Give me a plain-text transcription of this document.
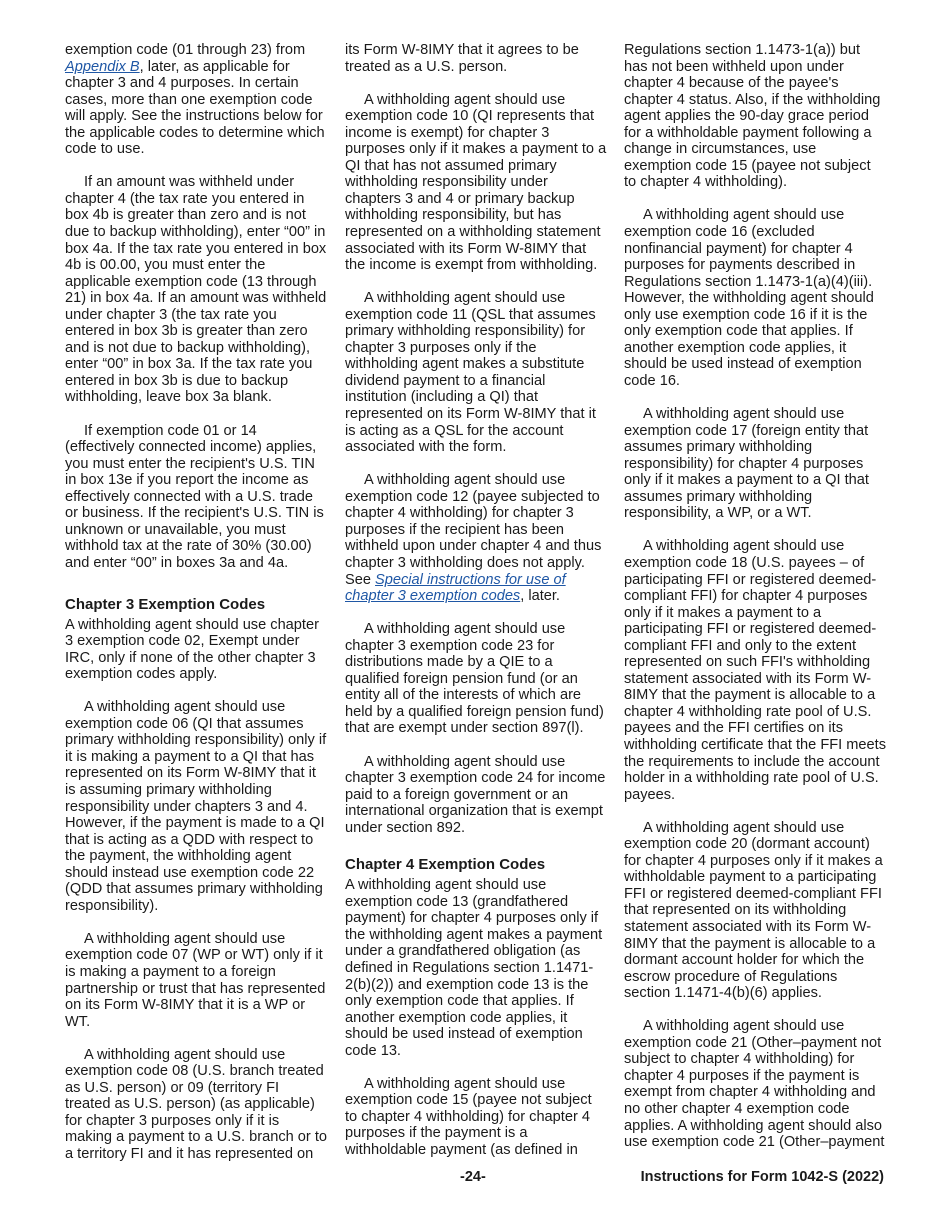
exemption code (01 through 23) from Appendix B, later, as applicable for chapter 3 and 4 purposes. In certain cases, more than one exemption code will apply. See the instructions below for the applicable codes to determine which code to use.

If an amount was withheld under chapter 4 (the tax rate you entered in box 4b is greater than zero and is not due to backup withholding), enter “00” in box 4a. If the tax rate you entered in box 4b is 00.00, you must enter the applicable exemption code (13 through 21) in box 4a. If an amount was withheld under chapter 3 (the tax rate you entered in box 3b is greater than zero and is not due to backup withholding), enter “00” in box 3a. If the tax rate you entered in box 3b is due to backup withholding, leave box 3a blank.

If exemption code 01 or 14 (effectively connected income) applies, you must enter the recipient's U.S. TIN in box 13e if you report the income as effectively connected with a U.S. trade or business. If the recipient's U.S. TIN is unknown or unavailable, you must withhold tax at the rate of 30% (30.00) and enter “00” in boxes 3a and 4a.

Chapter 3 Exemption Codes

A withholding agent should use chapter 3 exemption code 02, Exempt under IRC, only if none of the other chapter 3 exemption codes apply.

A withholding agent should use exemption code 06 (QI that assumes primary withholding responsibility) only if it is making a payment to a QI that has represented on its Form W-8IMY that it is assuming primary withholding responsibility under chapters 3 and 4. However, if the payment is made to a QI that is acting as a QDD with respect to the payment, the withholding agent should instead use exemption code 22 (QDD that assumes primary withholding responsibility).

A withholding agent should use exemption code 07 (WP or WT) only if it is making a payment to a foreign partnership or trust that has represented on its Form W-8IMY that it is a WP or WT.

A withholding agent should use exemption code 08 (U.S. branch treated as U.S. person) or 09 (territory FI treated as U.S. person) (as applicable) for chapter 3 purposes only if it is making a payment to a U.S. branch or to a territory FI and it has represented on

its Form W-8IMY that it agrees to be treated as a U.S. person.

A withholding agent should use exemption code 10 (QI represents that income is exempt) for chapter 3 purposes only if it makes a payment to a QI that has not assumed primary withholding responsibility under chapters 3 and 4 or primary backup withholding responsibility, but has represented on a withholding statement associated with its Form W-8IMY that the income is exempt from withholding.

A withholding agent should use exemption code 11 (QSL that assumes primary withholding responsibility) for chapter 3 purposes only if the withholding agent makes a substitute dividend payment to a financial institution (including a QI) that represented on its Form W-8IMY that it is acting as a QSL for the account associated with the form.

A withholding agent should use exemption code 12 (payee subjected to chapter 4 withholding) for chapter 3 purposes if the recipient has been withheld upon under chapter 4 and thus chapter 3 withholding does not apply. See Special instructions for use of chapter 3 exemption codes, later.

A withholding agent should use chapter 3 exemption code 23 for distributions made by a QIE to a qualified foreign pension fund (or an entity all of the interests of which are held by a qualified foreign pension fund) that are exempt under section 897(l).

A withholding agent should use chapter 3 exemption code 24 for income paid to a foreign government or an international organization that is exempt under section 892.

Chapter 4 Exemption Codes

A withholding agent should use exemption code 13 (grandfathered payment) for chapter 4 purposes only if the withholding agent makes a payment under a grandfathered obligation (as defined in Regulations section 1.1471-2(b)(2)) and exemption code 13 is the only exemption code that applies. If another exemption code applies, it should be used instead of exemption code 13.

A withholding agent should use exemption code 15 (payee not subject to chapter 4 withholding) for chapter 4 purposes if the payment is a withholdable payment (as defined in

Regulations section 1.1473-1(a)) but has not been withheld upon under chapter 4 because of the payee's chapter 4 status. Also, if the withholding agent applies the 90-day grace period for a withholdable payment following a change in circumstances, use exemption code 15 (payee not subject to chapter 4 withholding).

A withholding agent should use exemption code 16 (excluded nonfinancial payment) for chapter 4 purposes for payments described in Regulations section 1.1473-1(a)(4)(iii). However, the withholding agent should only use exemption code 16 if it is the only exemption code that applies. If another exemption code applies, it should be used instead of exemption code 16.

A withholding agent should use exemption code 17 (foreign entity that assumes primary withholding responsibility) for chapter 4 purposes only if it makes a payment to a QI that assumes primary withholding responsibility, a WP, or a WT.

A withholding agent should use exemption code 18 (U.S. payees – of participating FFI or registered deemed-compliant FFI) for chapter 4 purposes only if it makes a payment to a participating FFI or registered deemed-compliant FFI and only to the extent represented on such FFI's withholding statement associated with its Form W-8IMY that the payment is allocable to a chapter 4 withholding rate pool of U.S. payees and the FFI certifies on its withholding certificate that the FFI meets the requirements to include the account holder in a withholding rate pool of U.S. payees.

A withholding agent should use exemption code 20 (dormant account) for chapter 4 purposes only if it makes a withholdable payment to a participating FFI or registered deemed-compliant FFI that represented on its withholding statement associated with its Form W-8IMY that the payment is allocable to a dormant account holder for which the escrow procedure of Regulations section 1.1471-4(b)(6) applies.

A withholding agent should use exemption code 21 (Other–payment not subject to chapter 4 withholding) for chapter 4 purposes if the payment is exempt from chapter 4 withholding and no other chapter 4 exemption code applies. A withholding agent should also use exemption code 21 (Other–payment

-24-	Instructions for Form 1042-S (2022)
